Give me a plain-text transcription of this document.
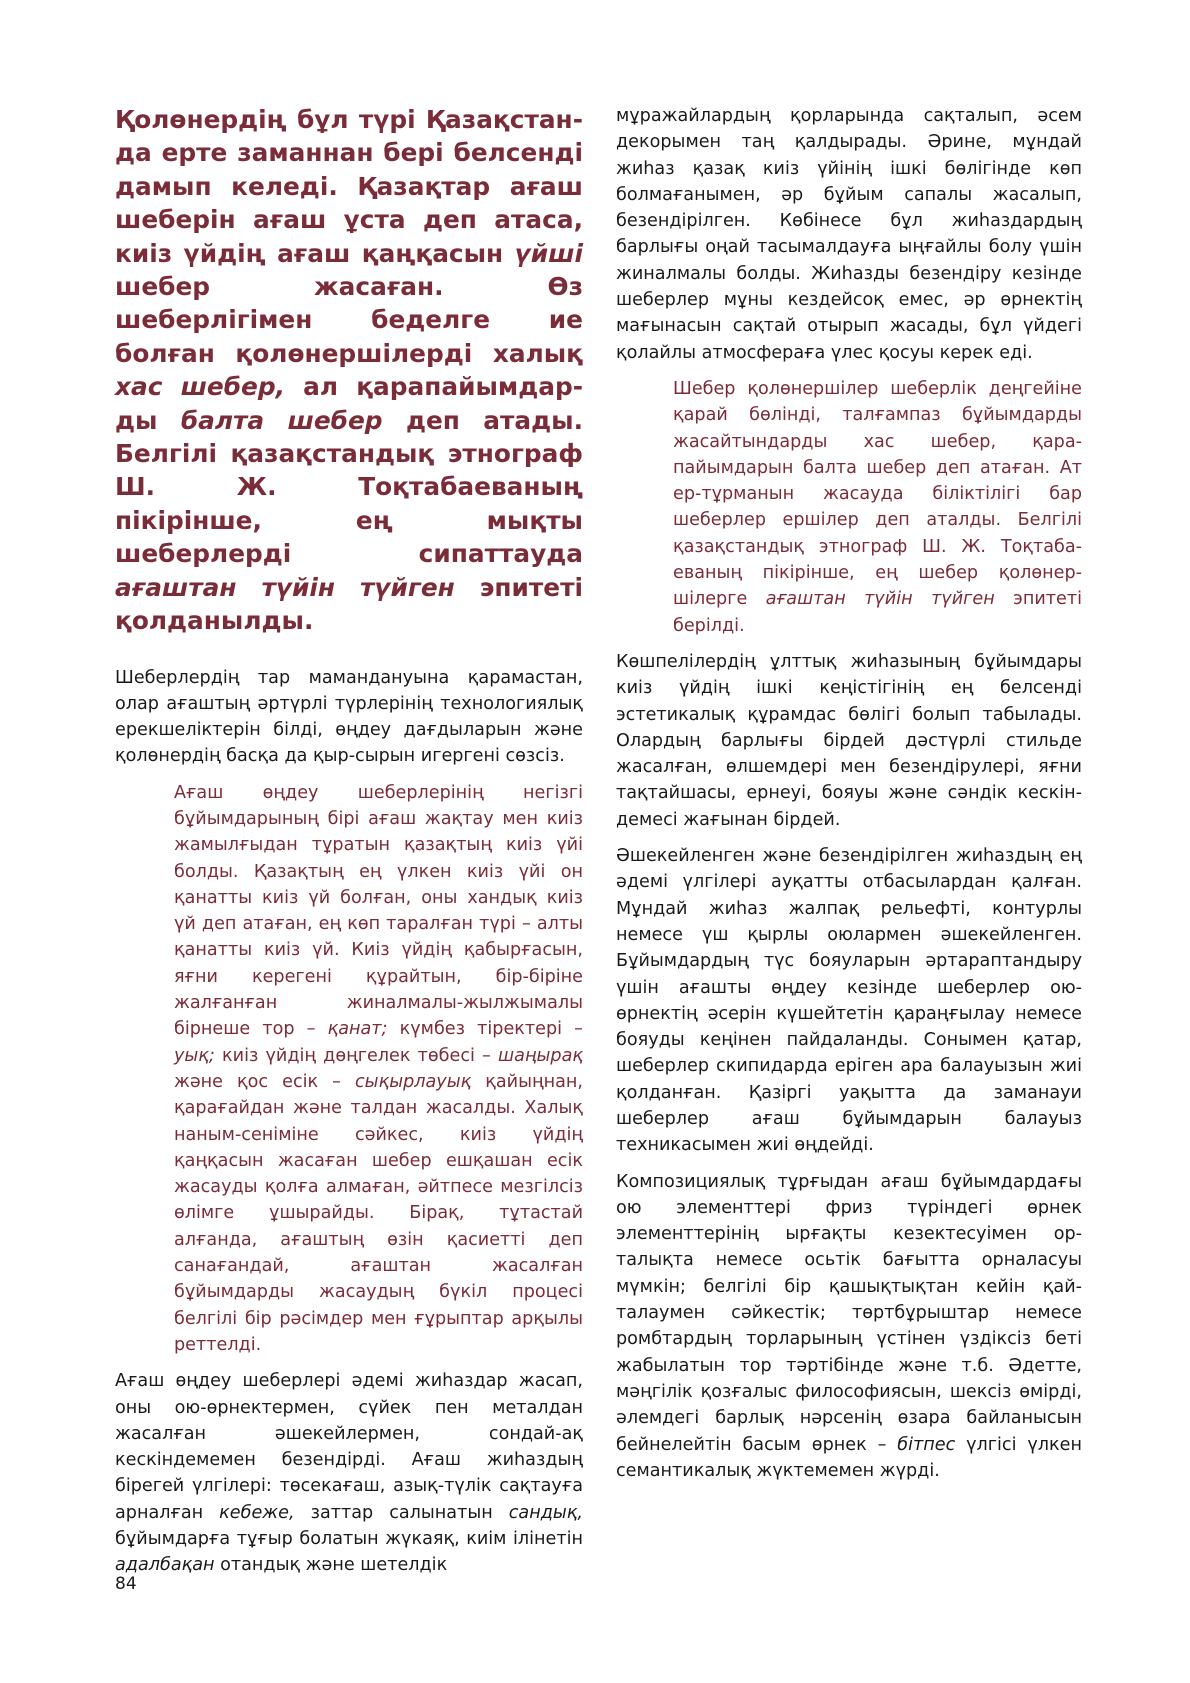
Қолөнердің бұл түрі Қазақстанда ерте заманнан бері белсенді дамып келеді. Қазақтар ағаш шеберін ағаш ұста деп атаса, киіз үйдің ағаш қаңқасын үйші шебер жасаған. Өз шеберлігімен беделге ие болған қолөнершілерді халық хас шебер, ал қарапайымдарды балта шебер деп атады. Белгілі қазақстандық этнограф Ш. Ж. Тоқтабаеваның пікірінше, ең мықты шеберлерді сипаттауда ағаштан түйін түйген эпитеті қолданылды.

Шеберлердің тар мамандануына қарамастан, олар ағаштың әртүрлі түрлерінің технологиялық ерекшеліктерін білді, өңдеу дағдыларын және қолөнердің басқа да қыр-сырын игергені сөзсіз.

Ағаш өңдеу шеберлерінің негізгі бұйымдарының бірі ағаш жақтау мен киіз жамылғыдан тұратын қазақтың киіз үйі болды. Қазақтың ең үлкен киіз үйі он қанатты киіз үй болған, оны хандық киіз үй деп атаған, ең көп таралған түрі – алты қанатты киіз үй. Киіз үйдің қабырғасын, яғни керегені құрайтын, бір-біріне жалғанған жиналмалы-жылжымалы бірнеше тор – қанат; күмбез тіректері – уық; киіз үйдің дөңгелек төбесі – шаңырақ және қос есік – сықырлауық қайыңнан, қарағайдан және талдан жасалды. Халық наным-сеніміне сәйкес, киіз үйдің қаңқасын жасаған шебер ешқашан есік жасауды қолға алмаған, әйтпесе мезгілсіз өлімге ұшырайды. Бірақ, тұтастай алғанда, ағаштың өзін қасиетті деп санағандай, ағаштан жасалған бұйымдарды жасаудың бүкіл процесі белгілі бір рәсімдер мен ғұрыптар арқылы реттелді.

Ағаш өңдеу шеберлері әдемі жиһаздар жасап, оны ою-өрнектермен, сүйек пен металдан жасалған әшекейлермен, сондай-ақ кескіндемемен безендірді. Ағаш жиһаздың бірегей үлгілері: төсекағаш, азық-түлік сақтауға арналған кебеже, заттар салынатын сандық, бұйымдарға тұғыр болатын жүкаяқ, киім ілінетін адалбақан отандық және шетелдік

мұражайлардың қорларында сақталып, әсем декорымен таң қалдырады. Әрине, мұндай жиһаз қазақ киіз үйінің ішкі бөлігінде көп болмағанымен, әр бұйым сапалы жасалып, безендірілген. Көбінесе бұл жиһаздардың барлығы оңай тасымалдауға ыңғайлы болу үшін жиналмалы болды. Жиһазды безендіру кезінде шеберлер мұны кездейсоқ емес, әр өрнектің мағынасын сақтай отырып жасады, бұл үйдегі қолайлы атмосфераға үлес қосуы керек еді.

Шебер қолөнершілер шеберлік деңгейіне қарай бөлінді, талғампаз бұйымдарды жасайтындарды хас шебер, қарапайымдарын балта шебер деп атаған. Ат ер-тұрманын жасауда біліктілігі бар шеберлер ершілер деп аталды. Белгілі қазақстандық этнограф Ш. Ж. Тоқтабаеваның пікірінше, ең шебер қолөнершілерге ағаштан түйін түйген эпитеті берілді.

Көшпелілердің ұлттық жиһазының бұйымдары киіз үйдің ішкі кеңістігінің ең белсенді эстетикалық құрамдас бөлігі болып табылады. Олардың барлығы бірдей дәстүрлі стильде жасалған, өлшемдері мен безендірулері, яғни тақтайшасы, ернеуі, бояуы және сәндік кескіндемесі жағынан бірдей.

Әшекейленген және безендірілген жиһаздың ең әдемі үлгілері ауқатты отбасылардан қалған. Мұндай жиһаз жалпақ рельефті, контурлы немесе үш қырлы оюлармен әшекейленген. Бұйымдардың түс бояуларын әртараптандыру үшін ағашты өңдеу кезінде шеберлер ою-өрнектің әсерін күшейтетін қараңғылау немесе бояуды кеңінен пайдаланды. Сонымен қатар, шеберлер скипидарда еріген ара балауызын жиі қолданған. Қазіргі уақытта да заманауи шеберлер ағаш бұйымдарын балауыз техникасымен жиі өңдейді.

Композициялық тұрғыдан ағаш бұйымдардағы ою элементтері фриз түріндегі өрнек элементтерінің ырғақты кезектесуімен орталықта немесе осьтік бағытта орналасуы мүмкін; белгілі бір қашықтықтан кейін қайталаумен сәйкестік; төртбұрыштар немесе ромбтардың торларының үстінен үздіксіз беті жабылатын тор тәртібінде және т.б. Әдетте, мәңгілік қозғалыс философиясын, шексіз өмірді, әлемдегі барлық нәрсенің өзара байланысын бейнелейтін басым өрнек – бітпес үлгісі үлкен семантикалық жүктемемен жүрді.

84
